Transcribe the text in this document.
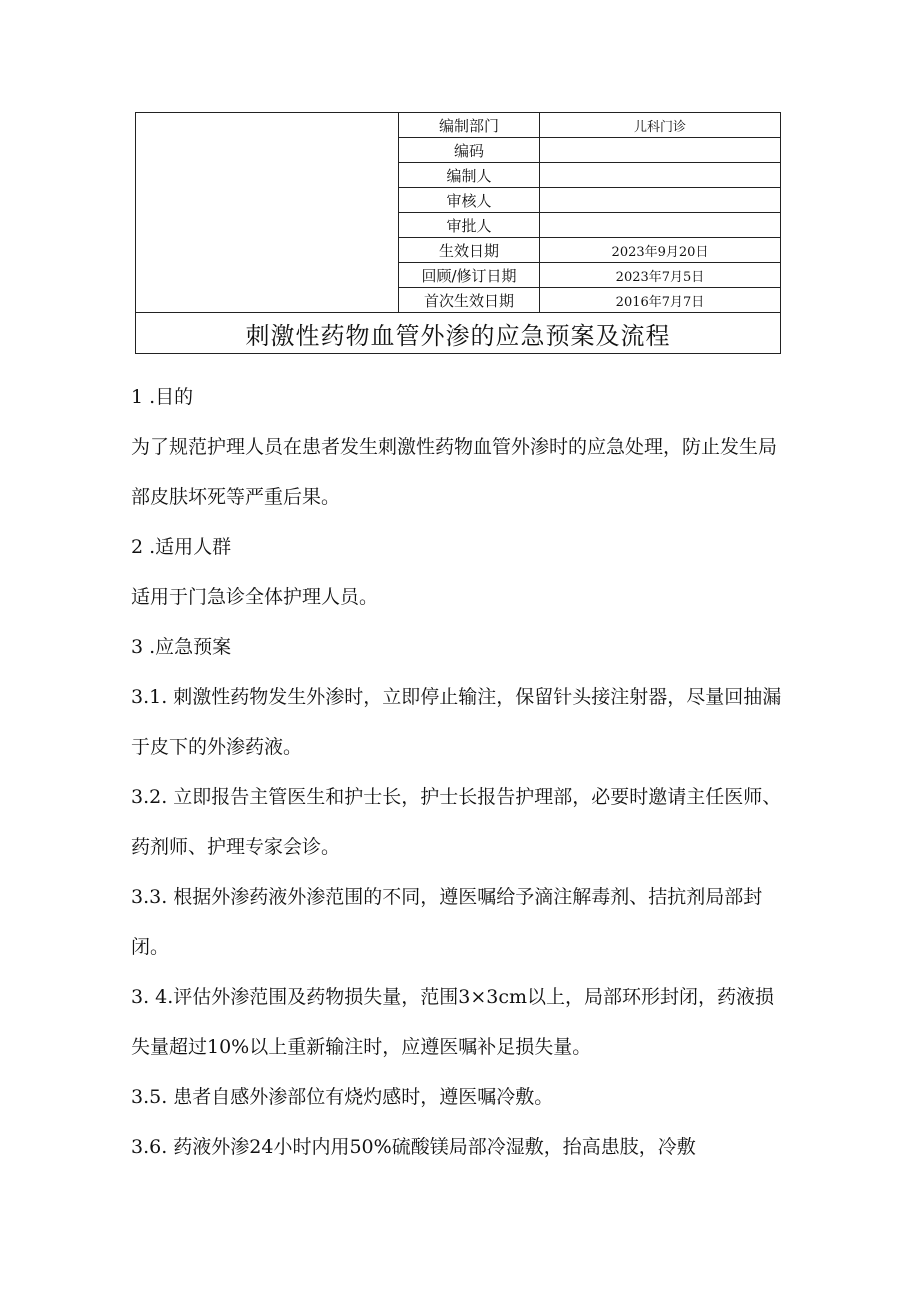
	编制部门	儿科门诊
	编码	
	编制人	
	审核人	
	审批人	
	生效日期	2023年9月20日
	回顾/修订日期	2023年7月5日
	首次生效日期	2016年7月7日
刺激性药物血管外渗的应急预案及流程		

1 .目的

为了规范护理人员在患者发生刺激性药物血管外渗时的应急处理，防止发生局部皮肤坏死等严重后果。

2 .适用人群

适用于门急诊全体护理人员。

3 .应急预案

3.1. 刺激性药物发生外渗时，立即停止输注，保留针头接注射器，尽量回抽漏于皮下的外渗药液。

3.2. 立即报告主管医生和护士长，护士长报告护理部，必要时邀请主任医师、药剂师、护理专家会诊。

3.3. 根据外渗药液外渗范围的不同，遵医嘱给予滴注解毒剂、拮抗剂局部封闭。

3. 4.评估外渗范围及药物损失量，范围3×3cm以上，局部环形封闭，药液损失量超过10%以上重新输注时，应遵医嘱补足损失量。

3.5. 患者自感外渗部位有烧灼感时，遵医嘱冷敷。

3.6. 药液外渗24小时内用50%硫酸镁局部冷湿敷，抬高患肢，冷敷
